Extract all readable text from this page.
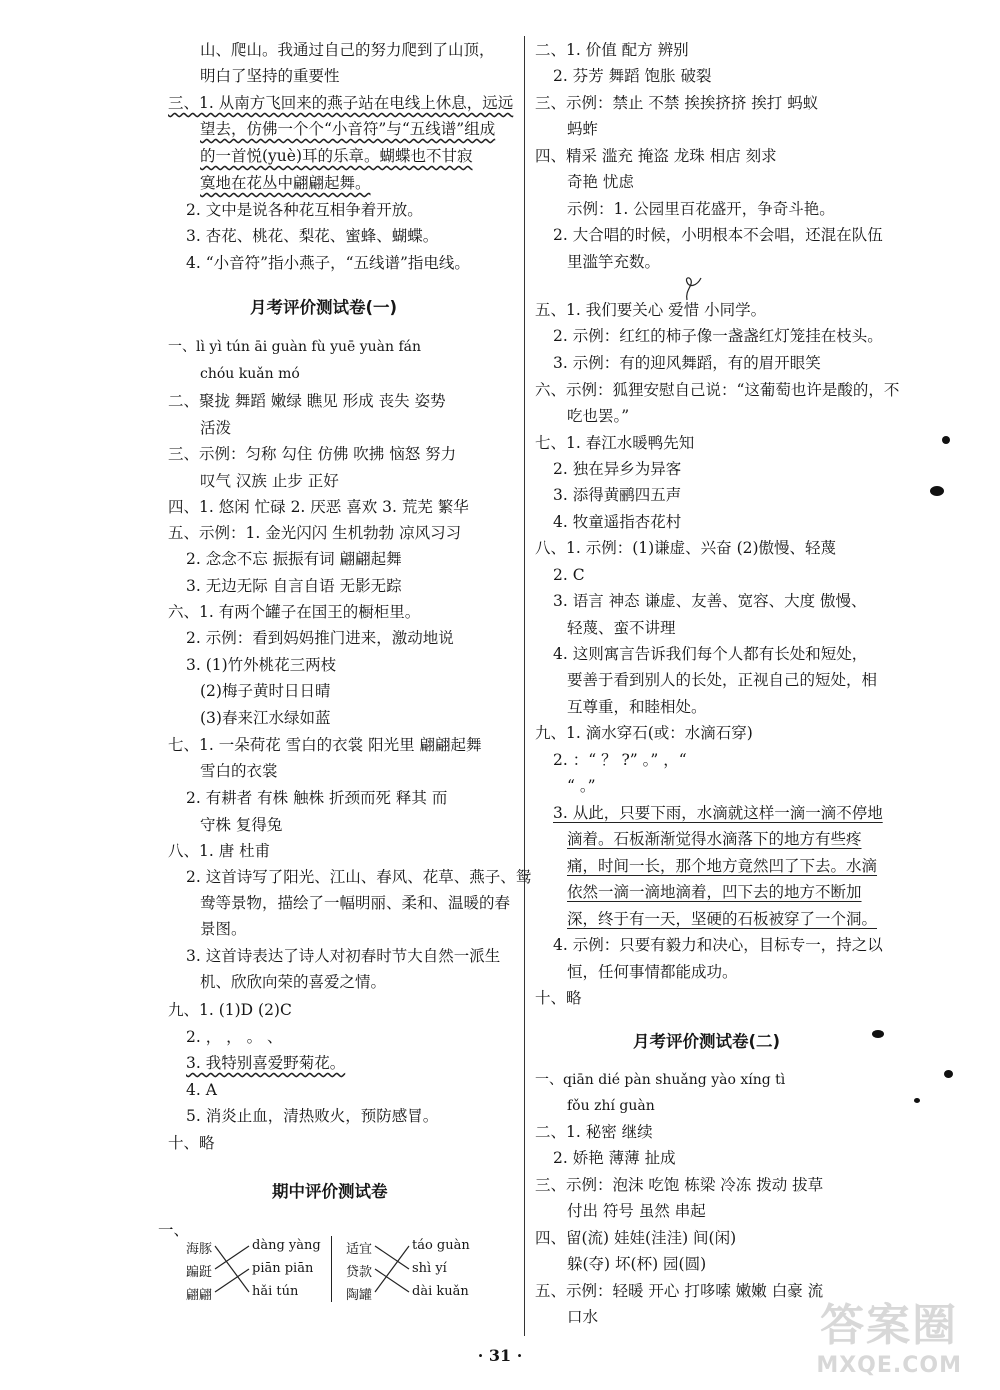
山、爬山。我通过自己的努力爬到了山顶，
明白了坚持的重要性
三、1. 从南方飞回来的燕子站在电线上休息，远远
望去，仿佛一个个“小音符”与“五线谱”组成
的一首悦(yuè)耳的乐章。蝴蝶也不甘寂
寞地在花丛中翩翩起舞。
2. 文中是说各种花互相争着开放。
3. 杏花、桃花、梨花、蜜蜂、蝴蝶。
4. “小音符”指小燕子，“五线谱”指电线。
月考评价测试卷(一)
一、lì yì tún āi guàn fù yuē yuàn fán
chóu kuǎn mó
二、聚拢 舞蹈 嫩绿 瞧见 形成 丧失 姿势
活泼
三、示例：匀称 勾住 仿佛 吹拂 恼怒 努力
叹气 汉族 止步 正好
四、1. 悠闲 忙碌 2. 厌恶 喜欢 3. 荒芜 繁华
五、示例：1. 金光闪闪 生机勃勃 凉风习习
2. 念念不忘 振振有词 翩翩起舞
3. 无边无际 自言自语 无影无踪
六、1. 有两个罐子在国王的橱柜里。
2. 示例：看到妈妈推门进来，激动地说
3. (1)竹外桃花三两枝
(2)梅子黄时日日晴
(3)春来江水绿如蓝
七、1. 一朵荷花 雪白的衣裳 阳光里 翩翩起舞
雪白的衣裳
2. 有耕者 有株 触株 折颈而死 释其 而
守株 复得兔
八、1. 唐 杜甫
2. 这首诗写了阳光、江山、春风、花草、燕子、鸳
鸯等景物，描绘了一幅明丽、柔和、温暖的春
景图。
3. 这首诗表达了诗人对初春时节大自然一派生
机、欣欣向荣的喜爱之情。
九、1. (1)D (2)C
2. ， ， 。 、
3. 我特别喜爱野菊花。
4. A
5. 消炎止血，清热败火，预防感冒。
十、略
期中评价测试卷
一、
海豚
蹁跹
翩翩
dàng yàng
piān piān
hǎi tún
适宜
贷款
陶罐
táo guàn
shì yí
dài kuǎn
二、1. 价值 配方 辨别
2. 芬芳 舞蹈 饱胀 破裂
三、示例：禁止 不禁 挨挨挤挤 挨打 蚂蚁
蚂蚱
四、精采 滥充 掩盗 龙珠 相店 刻求
奇艳 忧虑
示例：1. 公园里百花盛开，争奇斗艳。
2. 大合唱的时候，小明根本不会唱，还混在队伍
里滥竽充数。
五、1. 我们要关心 爱惜 小同学。
2. 示例：红红的柿子像一盏盏红灯笼挂在枝头。
3. 示例：有的迎风舞蹈，有的眉开眼笑
六、示例：狐狸安慰自己说：“这葡萄也许是酸的，不
吃也罢。”
七、1. 春江水暖鸭先知
2. 独在异乡为异客
3. 添得黄鹂四五声
4. 牧童遥指杏花村
八、1. 示例：(1)谦虚、兴奋 (2)傲慢、轻蔑
2. C
3. 语言 神态 谦虚、友善、宽容、大度 傲慢、
轻蔑、蛮不讲理
4. 这则寓言告诉我们每个人都有长处和短处，
要善于看到别人的长处，正视自己的短处，相
互尊重，和睦相处。
九、1. 滴水穿石(或：水滴石穿)
2. ：“ ？ ?” 。” ，“
“ 。”
3. 从此，只要下雨，水滴就这样一滴一滴不停地
滴着。石板渐渐觉得水滴落下的地方有些疼
痛，时间一长，那个地方竟然凹了下去。水滴
依然一滴一滴地滴着，凹下去的地方不断加
深，终于有一天，坚硬的石板被穿了一个洞。
4. 示例：只要有毅力和决心，目标专一，持之以
恒，任何事情都能成功。
十、略
月考评价测试卷(二)
一、qiān dié pàn shuǎng yào xíng tì
fǒu zhí guàn
二、1. 秘密 继续
2. 娇艳 薄薄 扯成
三、示例：泡沫 吃饱 栋梁 冷冻 拨动 拔草
付出 符号 虽然 串起
四、留(流) 娃娃(洼洼) 间(闲)
躲(夺) 坏(杯) 园(圆)
五、示例：轻暖 开心 打哆嗦 嫩嫩 白豪 流
口水
· 31 ·
答案圈
MXQE.COM
